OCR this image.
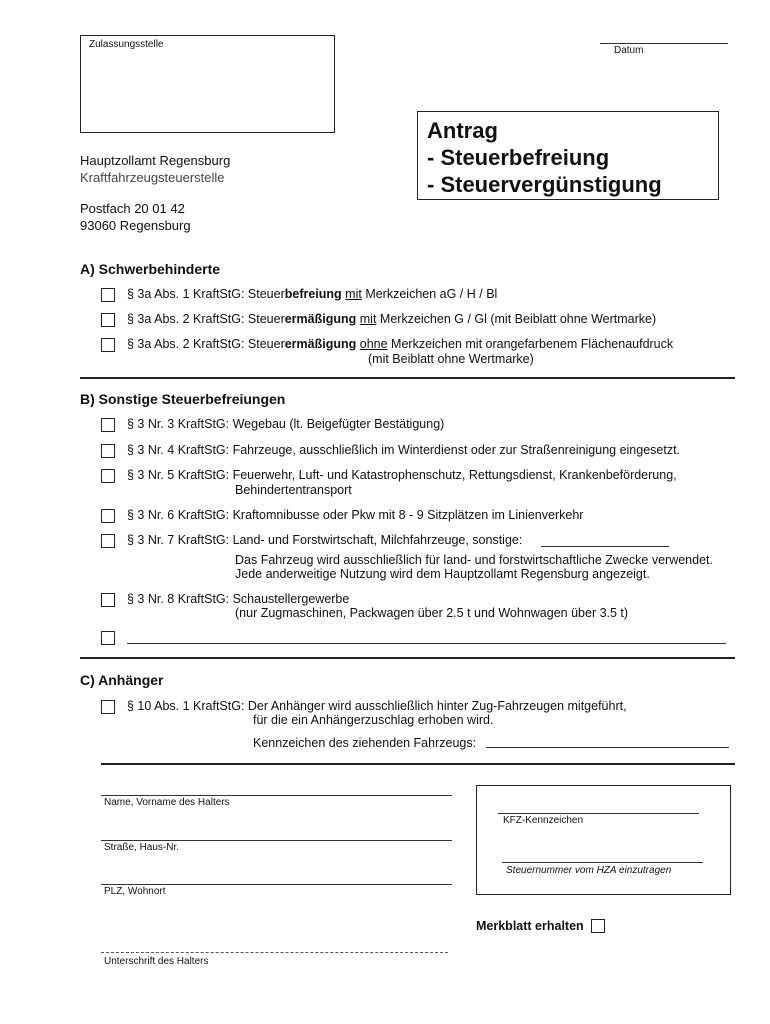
Zulassungsstelle
Datum
Hauptzollamt Regensburg
Kraftfahrzeugsteuerstelle
Postfach 20 01 42
93060 Regensburg
Antrag
- Steuerbefreiung
- Steuervergünstigung
A) Schwerbehinderte
§ 3a Abs. 1 KraftStG: Steuerbefreiung mit Merkzeichen aG / H / Bl
§ 3a Abs. 2 KraftStG: Steuerermäßigung mit Merkzeichen G / Gl (mit Beiblatt ohne Wertmarke)
§ 3a Abs. 2 KraftStG: Steuerermäßigung ohne Merkzeichen mit orangefarbenem Flächenaufdruck
(mit Beiblatt ohne Wertmarke)
B) Sonstige Steuerbefreiungen
§ 3 Nr. 3 KraftStG: Wegebau (lt. Beigefügter Bestätigung)
§ 3 Nr. 4 KraftStG: Fahrzeuge, ausschließlich im Winterdienst oder zur Straßenreinigung eingesetzt.
§ 3 Nr. 5 KraftStG: Feuerwehr, Luft- und Katastrophenschutz, Rettungsdienst, Krankenbeförderung,
Behindertentransport
§ 3 Nr. 6 KraftStG: Kraftomnibusse oder Pkw mit 8 - 9 Sitzplätzen im Linienverkehr
§ 3 Nr. 7 KraftStG: Land- und Forstwirtschaft, Milchfahrzeuge, sonstige:
Das Fahrzeug wird ausschließlich für land- und forstwirtschaftliche Zwecke verwendet.
Jede anderweitige Nutzung wird dem Hauptzollamt Regensburg angezeigt.
§ 3 Nr. 8 KraftStG: Schaustellergewerbe
(nur Zugmaschinen, Packwagen über 2.5 t und Wohnwagen über 3.5 t)
C) Anhänger
§ 10 Abs. 1 KraftStG: Der Anhänger wird ausschließlich hinter Zug-Fahrzeugen mitgeführt,
für die ein Anhängerzuschlag erhoben wird.
Kennzeichen des ziehenden Fahrzeugs:
Name, Vorname des Halters
Straße, Haus-Nr.
PLZ, Wohnort
Unterschrift des Halters
KFZ-Kennzeichen
Steuernummer vom HZA einzutragen
Merkblatt erhalten
